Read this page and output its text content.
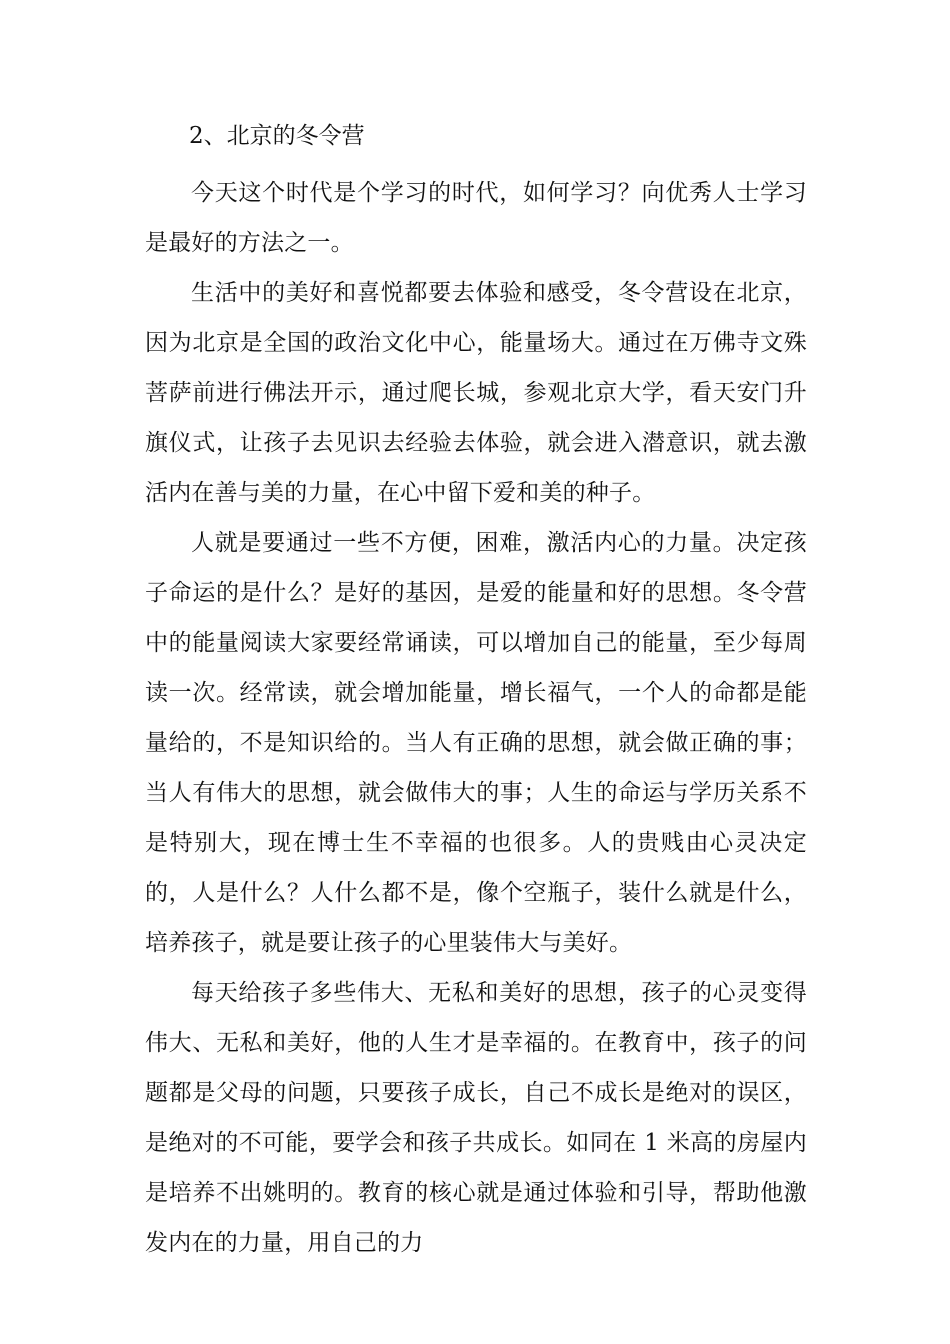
2、北京的冬令营

今天这个时代是个学习的时代，如何学习？向优秀人士学习是最好的方法之一。

生活中的美好和喜悦都要去体验和感受，冬令营设在北京，因为北京是全国的政治文化中心，能量场大。通过在万佛寺文殊菩萨前进行佛法开示，通过爬长城，参观北京大学，看天安门升旗仪式，让孩子去见识去经验去体验，就会进入潜意识，就去激活内在善与美的力量，在心中留下爱和美的种子。

人就是要通过一些不方便，困难，激活内心的力量。决定孩子命运的是什么？是好的基因，是爱的能量和好的思想。冬令营中的能量阅读大家要经常诵读，可以增加自己的能量，至少每周读一次。经常读，就会增加能量，增长福气，一个人的命都是能量给的，不是知识给的。当人有正确的思想，就会做正确的事；当人有伟大的思想，就会做伟大的事；人生的命运与学历关系不是特别大，现在博士生不幸福的也很多。人的贵贱由心灵决定的，人是什么？人什么都不是，像个空瓶子，装什么就是什么，培养孩子，就是要让孩子的心里装伟大与美好。

每天给孩子多些伟大、无私和美好的思想，孩子的心灵变得伟大、无私和美好，他的人生才是幸福的。在教育中，孩子的问题都是父母的问题，只要孩子成长，自己不成长是绝对的误区，是绝对的不可能，要学会和孩子共成长。如同在 1 米高的房屋内是培养不出姚明的。教育的核心就是通过体验和引导，帮助他激发内在的力量，用自己的力
